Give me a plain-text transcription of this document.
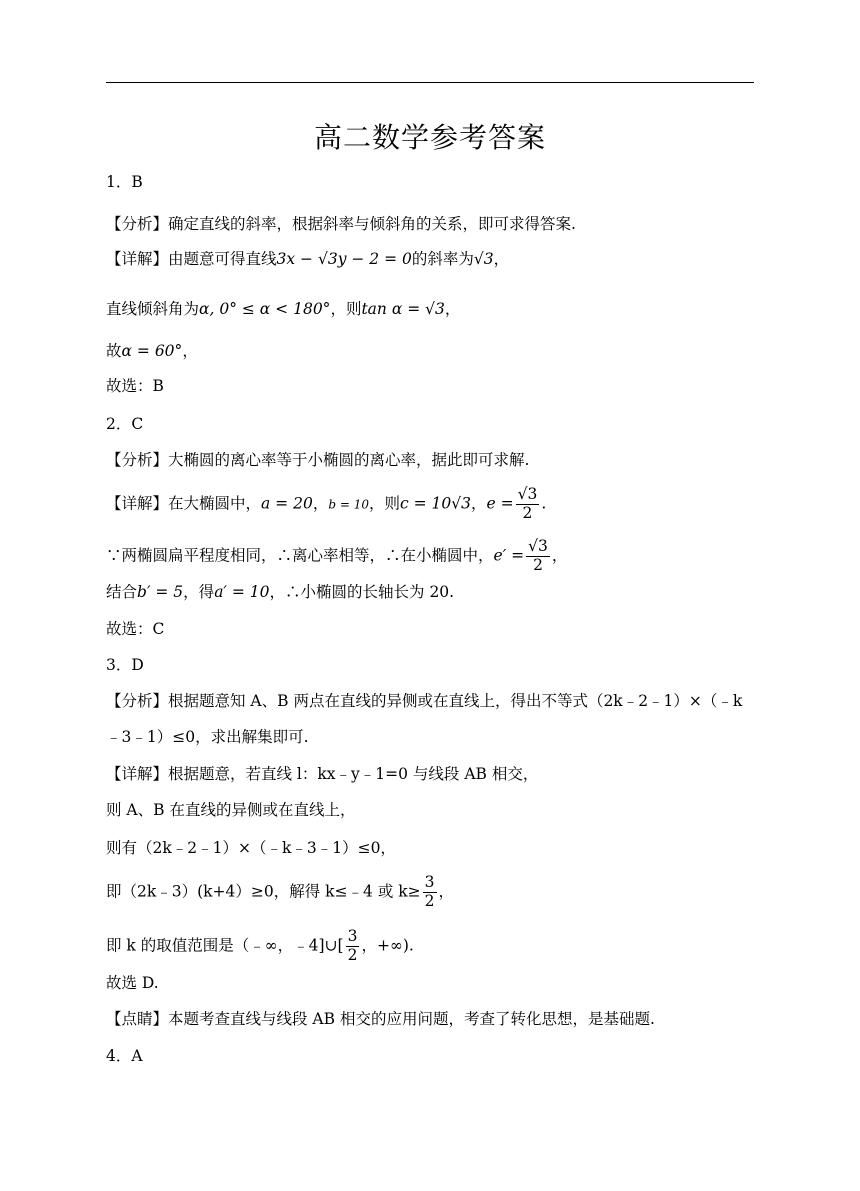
高二数学参考答案
1．B
【分析】确定直线的斜率，根据斜率与倾斜角的关系，即可求得答案.
【详解】由题意可得直线3x − √3y − 2 = 0的斜率为√3，
直线倾斜角为α, 0° ≤ α < 180°，则tan α = √3，
故α = 60°，
故选：B
2．C
【分析】大椭圆的离心率等于小椭圆的离心率，据此即可求解.
【详解】在大椭圆中，a = 20，b = 10，则c = 10√3，$e = \frac{√3}{2}$ .
∵两椭圆扁平程度相同，∴离心率相等，∴在小椭圆中，$e' = \frac{√3}{2}$ ，
结合b′ = 5，得a′ = 10，∴小椭圆的长轴长为 20.
故选：C
3．D
【分析】根据题意知 A、B 两点在直线的异侧或在直线上，得出不等式（2k﹣2﹣1）×（﹣k
﹣3﹣1）≤0，求出解集即可.
【详解】根据题意，若直线 l：kx﹣y﹣1=0 与线段 AB 相交，
则 A、B 在直线的异侧或在直线上，
则有（2k﹣2﹣1）×（﹣k﹣3﹣1）≤0，
即（2k﹣3）(k+4）≥0，解得 k≤﹣4 或 $k\ge \frac{3}{2}$ ，
即 k 的取值范围是（﹣∞，﹣4]∪[ $\frac{3}{2}$ ，+∞).
故选 D.
【点睛】本题考查直线与线段 AB 相交的应用问题，考查了转化思想，是基础题.
4．A
